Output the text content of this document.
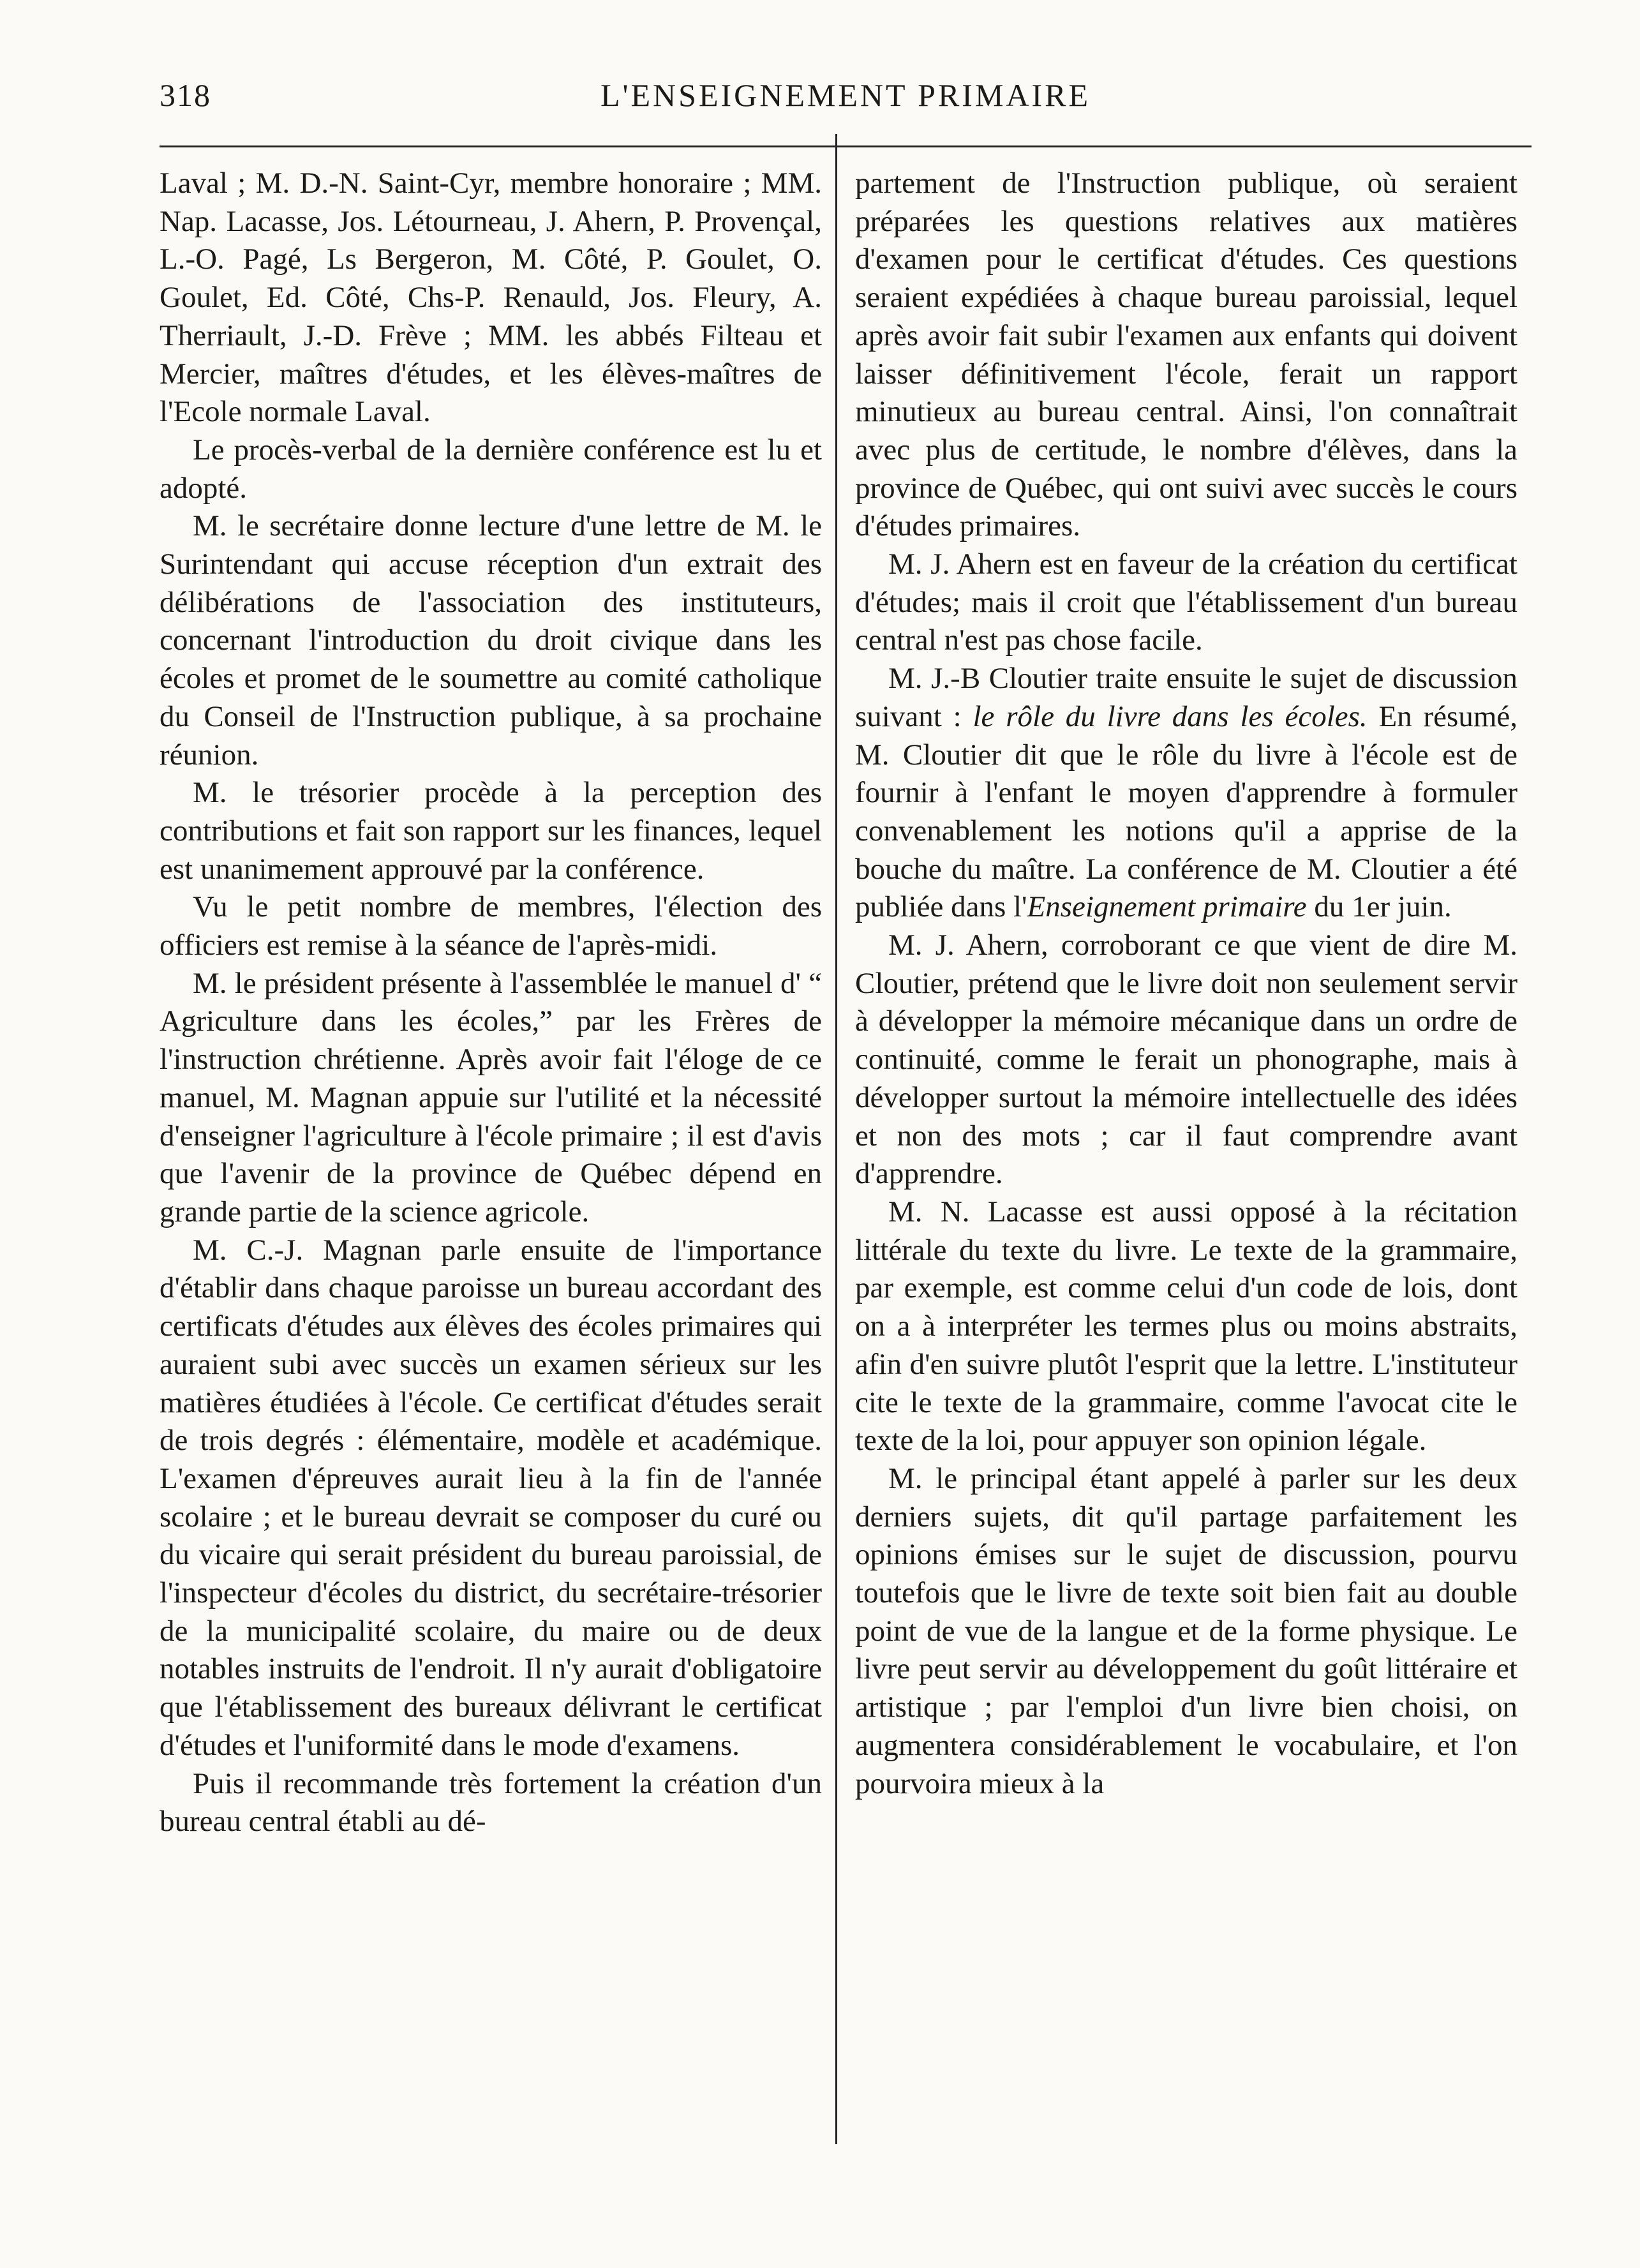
318	L'ENSEIGNEMENT PRIMAIRE

Laval ; M. D.-N. Saint-Cyr, membre honoraire ; MM. Nap. Lacasse, Jos. Létourneau, J. Ahern, P. Provençal, L.-O. Pagé, Ls Bergeron, M. Côté, P. Goulet, O. Goulet, Ed. Côté, Chs-P. Renauld, Jos. Fleury, A. Therriault, J.-D. Frève ; MM. les abbés Filteau et Mercier, maîtres d'études, et les élèves-maîtres de l'Ecole normale Laval.

Le procès-verbal de la dernière conférence est lu et adopté.

M. le secrétaire donne lecture d'une lettre de M. le Surintendant qui accuse réception d'un extrait des délibérations de l'association des instituteurs, concernant l'introduction du droit civique dans les écoles et promet de le soumettre au comité catholique du Conseil de l'Instruction publique, à sa prochaine réunion.

M. le trésorier procède à la perception des contributions et fait son rapport sur les finances, lequel est unanimement approuvé par la conférence.

Vu le petit nombre de membres, l'élection des officiers est remise à la séance de l'après-midi.

M. le président présente à l'assemblée le manuel d' “ Agriculture dans les écoles,” par les Frères de l'instruction chrétienne. Après avoir fait l'éloge de ce manuel, M. Magnan appuie sur l'utilité et la nécessité d'enseigner l'agriculture à l'école primaire ; il est d'avis que l'avenir de la province de Québec dépend en grande partie de la science agricole.

M. C.-J. Magnan parle ensuite de l'importance d'établir dans chaque paroisse un bureau accordant des certificats d'études aux élèves des écoles primaires qui auraient subi avec succès un examen sérieux sur les matières étudiées à l'école. Ce certificat d'études serait de trois degrés : élémentaire, modèle et académique. L'examen d'épreuves aurait lieu à la fin de l'année scolaire ; et le bureau devrait se composer du curé ou du vicaire qui serait président du bureau paroissial, de l'inspecteur d'écoles du district, du secrétaire-trésorier de la municipalité scolaire, du maire ou de deux notables instruits de l'endroit. Il n'y aurait d'obligatoire que l'établissement des bureaux délivrant le certificat d'études et l'uniformité dans le mode d'examens.

Puis il recommande très fortement la création d'un bureau central établi au dé-

partement de l'Instruction publique, où seraient préparées les questions relatives aux matières d'examen pour le certificat d'études. Ces questions seraient expédiées à chaque bureau paroissial, lequel après avoir fait subir l'examen aux enfants qui doivent laisser définitivement l'école, ferait un rapport minutieux au bureau central. Ainsi, l'on connaîtrait avec plus de certitude, le nombre d'élèves, dans la province de Québec, qui ont suivi avec succès le cours d'études primaires.

M. J. Ahern est en faveur de la création du certificat d'études; mais il croit que l'établissement d'un bureau central n'est pas chose facile.

M. J.-B Cloutier traite ensuite le sujet de discussion suivant : le rôle du livre dans les écoles. En résumé, M. Cloutier dit que le rôle du livre à l'école est de fournir à l'enfant le moyen d'apprendre à formuler convenablement les notions qu'il a apprise de la bouche du maître. La conférence de M. Cloutier a été publiée dans l'Enseignement primaire du 1er juin.

M. J. Ahern, corroborant ce que vient de dire M. Cloutier, prétend que le livre doit non seulement servir à développer la mémoire mécanique dans un ordre de continuité, comme le ferait un phonographe, mais à développer surtout la mémoire intellectuelle des idées et non des mots ; car il faut comprendre avant d'apprendre.

M. N. Lacasse est aussi opposé à la récitation littérale du texte du livre. Le texte de la grammaire, par exemple, est comme celui d'un code de lois, dont on a à interpréter les termes plus ou moins abstraits, afin d'en suivre plutôt l'esprit que la lettre. L'instituteur cite le texte de la grammaire, comme l'avocat cite le texte de la loi, pour appuyer son opinion légale.

M. le principal étant appelé à parler sur les deux derniers sujets, dit qu'il partage parfaitement les opinions émises sur le sujet de discussion, pourvu toutefois que le livre de texte soit bien fait au double point de vue de la langue et de la forme physique. Le livre peut servir au développement du goût littéraire et artistique ; par l'emploi d'un livre bien choisi, on augmentera considérablement le vocabulaire, et l'on pourvoira mieux à la
